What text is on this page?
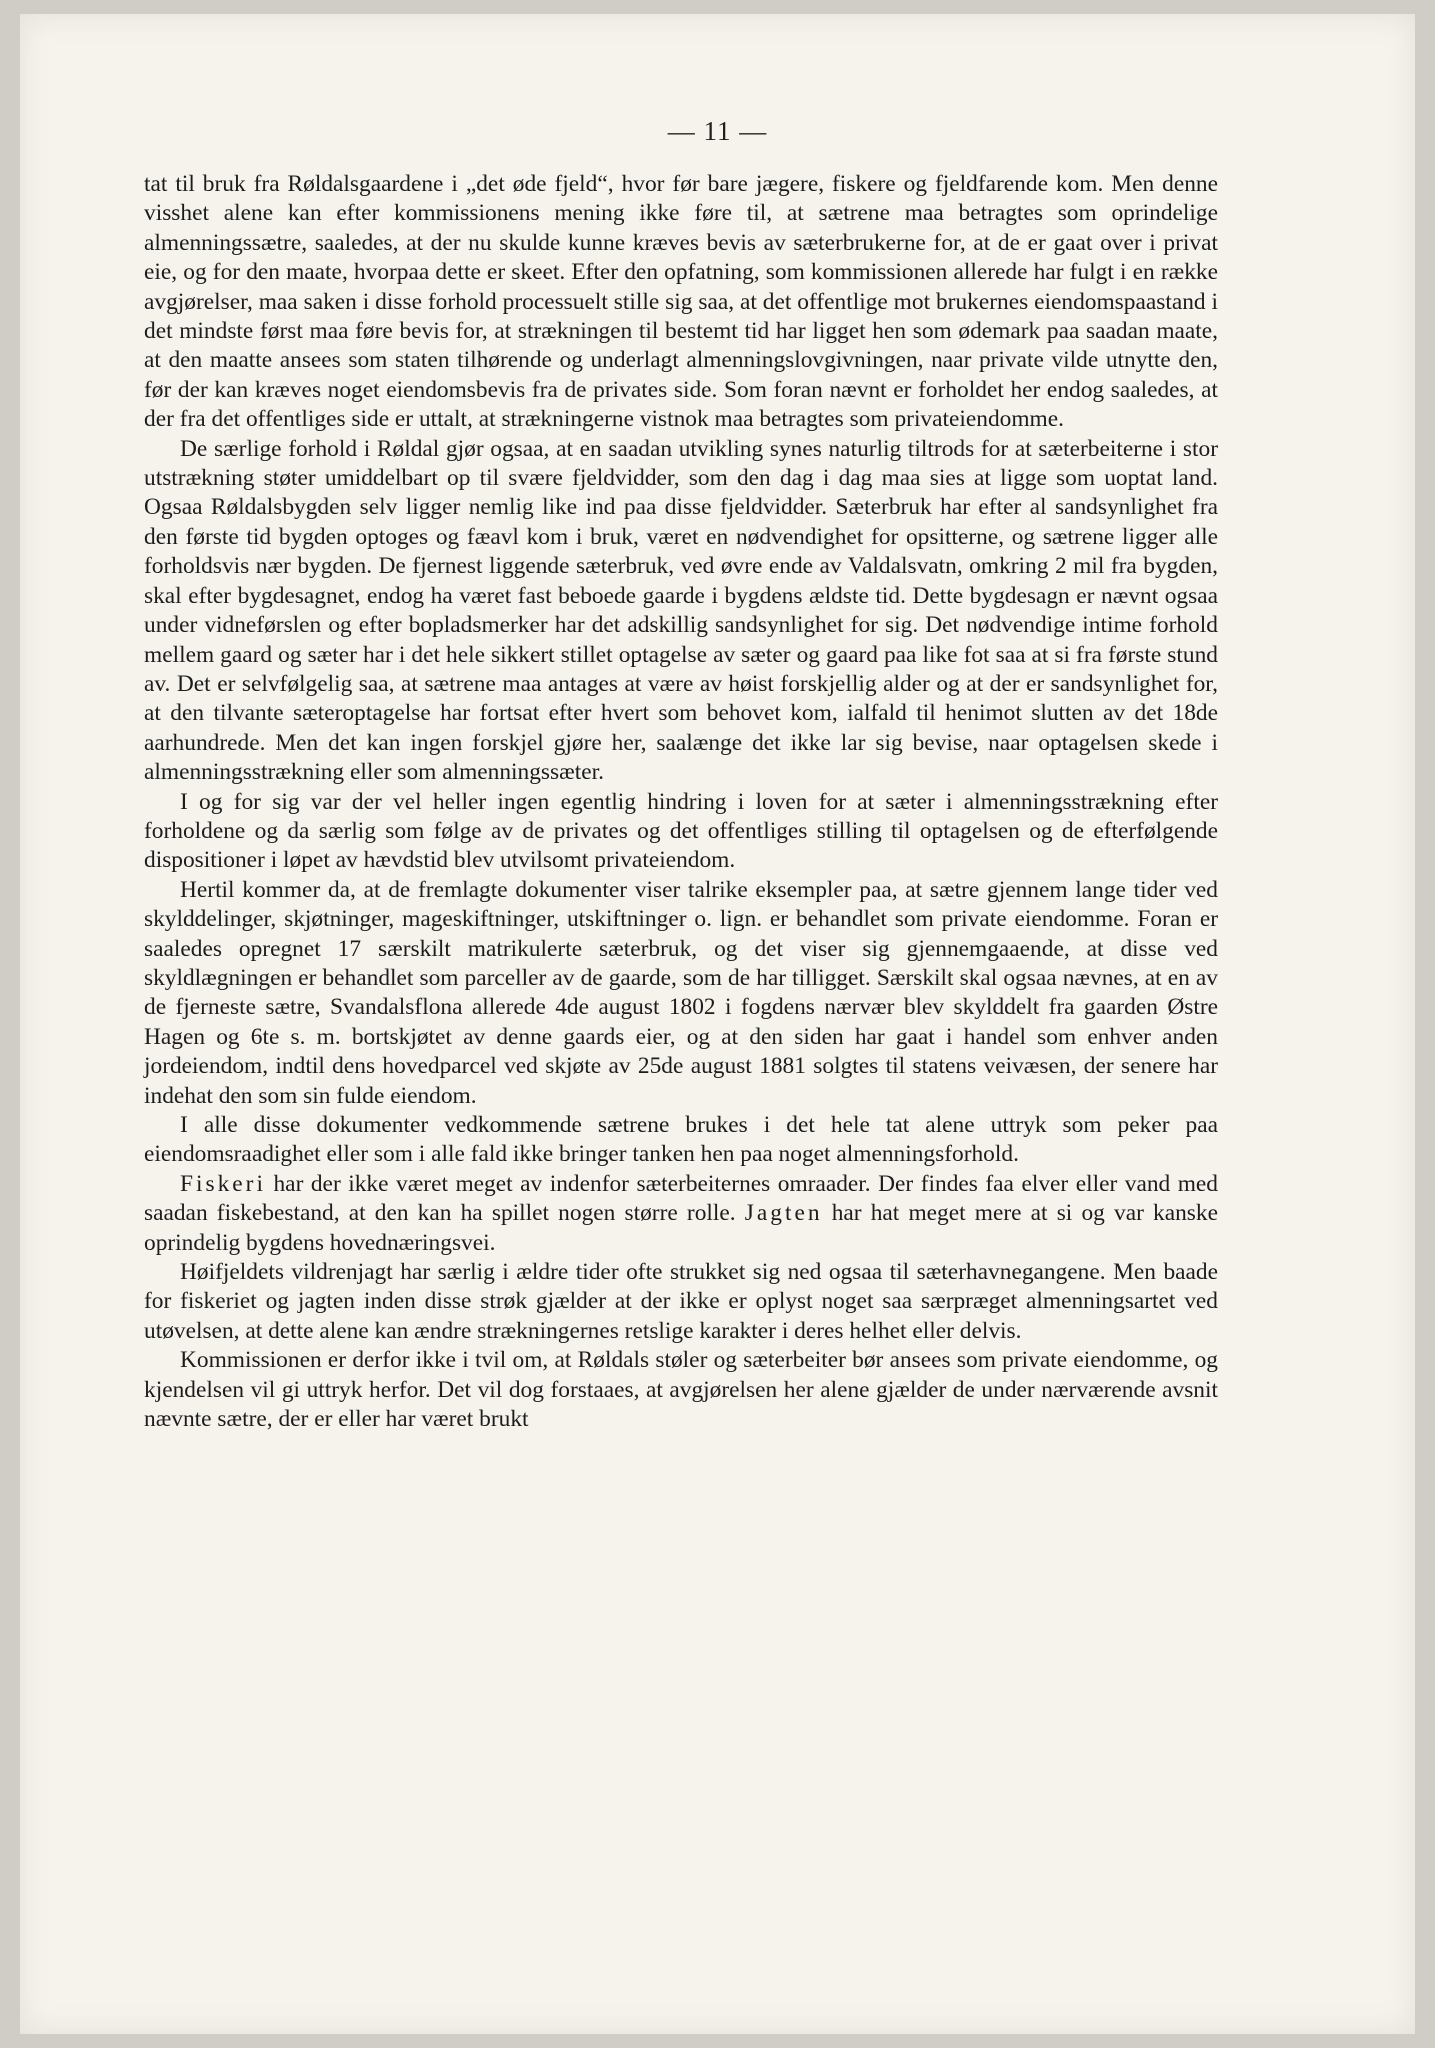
— 11 —

tat til bruk fra Røldalsgaardene i „det øde fjeld“, hvor før bare jægere, fiskere og fjeldfarende kom. Men denne visshet alene kan efter kommissionens mening ikke føre til, at sætrene maa betragtes som oprindelige almenningssætre, saaledes, at der nu skulde kunne kræves bevis av sæterbrukerne for, at de er gaat over i privat eie, og for den maate, hvorpaa dette er skeet. Efter den opfatning, som kommissionen allerede har fulgt i en række avgjørelser, maa saken i disse forhold processuelt stille sig saa, at det offentlige mot brukernes eiendomspaastand i det mindste først maa føre bevis for, at strækningen til bestemt tid har ligget hen som ødemark paa saadan maate, at den maatte ansees som staten tilhørende og underlagt almenningslovgivningen, naar private vilde utnytte den, før der kan kræves noget eiendomsbevis fra de privates side. Som foran nævnt er forholdet her endog saaledes, at der fra det offentliges side er uttalt, at strækningerne vistnok maa betragtes som privateiendomme.

De særlige forhold i Røldal gjør ogsaa, at en saadan utvikling synes naturlig tiltrods for at sæterbeiterne i stor utstrækning støter umiddelbart op til svære fjeldvidder, som den dag i dag maa sies at ligge som uoptat land. Ogsaa Røldalsbygden selv ligger nemlig like ind paa disse fjeldvidder. Sæterbruk har efter al sandsynlighet fra den første tid bygden optoges og fæavl kom i bruk, været en nødvendighet for opsitterne, og sætrene ligger alle forholdsvis nær bygden. De fjernest liggende sæterbruk, ved øvre ende av Valdalsvatn, omkring 2 mil fra bygden, skal efter bygdesagnet, endog ha været fast beboede gaarde i bygdens ældste tid. Dette bygdesagn er nævnt ogsaa under vidneførslen og efter bopladsmerker har det adskillig sandsynlighet for sig. Det nødvendige intime forhold mellem gaard og sæter har i det hele sikkert stillet optagelse av sæter og gaard paa like fot saa at si fra første stund av. Det er selvfølgelig saa, at sætrene maa antages at være av høist forskjellig alder og at der er sandsynlighet for, at den tilvante sæteroptagelse har fortsat efter hvert som behovet kom, ialfald til henimot slutten av det 18de aarhundrede. Men det kan ingen forskjel gjøre her, saalænge det ikke lar sig bevise, naar optagelsen skede i almenningsstrækning eller som almenningssæter.

I og for sig var der vel heller ingen egentlig hindring i loven for at sæter i almenningsstrækning efter forholdene og da særlig som følge av de privates og det offentliges stilling til optagelsen og de efterfølgende dispositioner i løpet av hævdstid blev utvilsomt privateiendom.

Hertil kommer da, at de fremlagte dokumenter viser talrike eksempler paa, at sætre gjennem lange tider ved skylddelinger, skjøtninger, mageskiftninger, utskiftninger o. lign. er behandlet som private eiendomme. Foran er saaledes opregnet 17 særskilt matrikulerte sæterbruk, og det viser sig gjennemgaaende, at disse ved skyldlægningen er behandlet som parceller av de gaarde, som de har tilligget. Særskilt skal ogsaa nævnes, at en av de fjerneste sætre, Svandalsflona allerede 4de august 1802 i fogdens nærvær blev skylddelt fra gaarden Østre Hagen og 6te s. m. bortskjøtet av denne gaards eier, og at den siden har gaat i handel som enhver anden jordeiendom, indtil dens hovedparcel ved skjøte av 25de august 1881 solgtes til statens veivæsen, der senere har indehat den som sin fulde eiendom.

I alle disse dokumenter vedkommende sætrene brukes i det hele tat alene uttryk som peker paa eiendomsraadighet eller som i alle fald ikke bringer tanken hen paa noget almenningsforhold.

Fiskeri har der ikke været meget av indenfor sæterbeiternes omraader. Der findes faa elver eller vand med saadan fiskebestand, at den kan ha spillet nogen større rolle. Jagten har hat meget mere at si og var kanske oprindelig bygdens hovednæringsvei.

Høifjeldets vildrenjagt har særlig i ældre tider ofte strukket sig ned ogsaa til sæterhavnegangene. Men baade for fiskeriet og jagten inden disse strøk gjælder at der ikke er oplyst noget saa særpræget almenningsartet ved utøvelsen, at dette alene kan ændre strækningernes retslige karakter i deres helhet eller delvis.

Kommissionen er derfor ikke i tvil om, at Røldals støler og sæterbeiter bør ansees som private eiendomme, og kjendelsen vil gi uttryk herfor. Det vil dog forstaaes, at avgjørelsen her alene gjælder de under nærværende avsnit nævnte sætre, der er eller har været brukt
